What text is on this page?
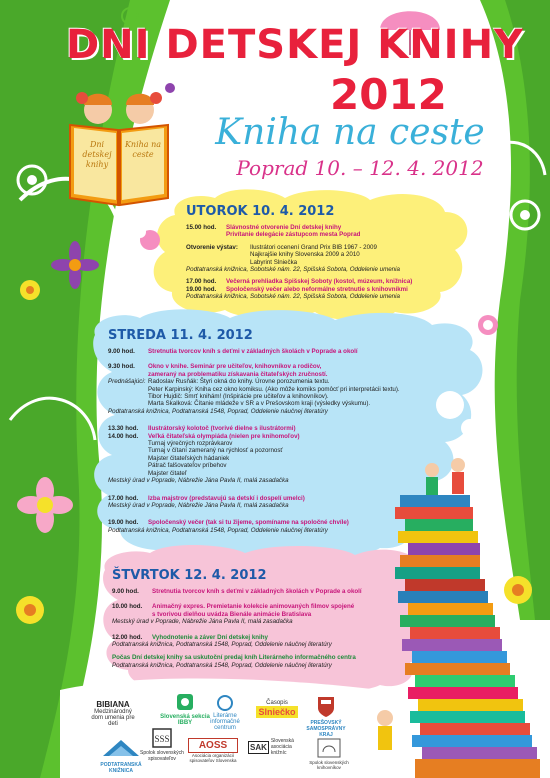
Dni detskej knihy
Kniha na ceste
DNI DETSKEJ KNIHY
2012
Kniha na ceste
Poprad 10. – 12. 4. 2012
UTOROK 10. 4. 2012
15.00 hod.	Slávnostné otvorenie Dní detskej knihy
Privítanie delegácie zástupcom mesta Poprad
Otvorenie výstav:	Ilustrátori ocenení Grand Prix BIB 1967 - 2009
Najkrajšie knihy Slovenska 2009 a 2010
Labyrint Slniečka
Podtatranská knižnica, Sobotské nám. 22, Spišská Sobota, Oddelenie umenia
17.00 hod.	Večerná prehliadka Spišskej Soboty (kostol, múzeum, knižnica)
19.00 hod.	Spoločenský večer alebo neformálne stretnutie s knihovníkmi
Podtatranská knižnica, Sobotské nám. 22, Spišská Sobota, Oddelenie umenia
STREDA 11. 4. 2012
9.00 hod.	Stretnutia tvorcov kníh s deťmi v základných školách v Poprade a okolí
9.30 hod.	Okno v knihe. Seminár pre učiteľov, knihovníkov a rodičov,
zameraný na problematiku získavania čitateľských zručností.
Prednášajúci: Radoslav Rusňák: Štyri okná do knihy. Úrovne porozumenia textu.
Peter Karpinský: Kniha cez okno komiksu. (Ako môže komiks pomôcť pri interpretácii textu).
Tibor Hujdič: Smrť knihám! (Inšpirácie pre učiteľov a knihovníkov).
Marta Skalková: Čítanie mládeže v SR a v Prešovskom kraji (výsledky výskumu).
Podtatranská knižnica, Podtatranská 1548, Poprad, Oddelenie náučnej literatúry
13.30 hod.	Ilustrátorský kolotoč (tvorivé dielne s ilustrátormi)
14.00 hod.	Veľká čitateľská olympiáda (nielen pre knihomoľov)
Turnaj výrečných rozprávkarov
Turnaj v čítaní zameraný na rýchlosť a pozornosť
Majster čitateľských hádaniek
Pátrač falšovateľov príbehov
Majster čitateľ
Mestský úrad v Poprade, Nábrežie Jána Pavla II, malá zasadačka
17.00 hod.	Izba majstrov (predstavujú sa detskí i dospelí umelci)
Mestský úrad v Poprade, Nábrežie Jána Pavla II, malá zasadačka
19.00 hod.	Spoločenský večer (tak si tu žijeme, spomíname na spoločné chvíle)
Podtatranská knižnica, Podtatranská 1548, Poprad, Oddelenie náučnej literatúry
ŠTVRTOK 12. 4. 2012
9.00 hod.	Stretnutia tvorcov kníh s deťmi v základných školách v Poprade a okolí
10.00 hod.	Animačný expres. Premietanie kolekcie animovaných filmov spojené
s tvorivou dielňou uvádza Bienále animácie Bratislava
Mestský úrad v Poprade, Nábrežie Jána Pavla II, malá zasadačka
12.00 hod.	Vyhodnotenie a záver Dní detskej knihy
Podtatranská knižnica, Podtatranská 1548, Poprad, Oddelenie náučnej literatúry
Počas Dní detskej knihy sa uskutoční predaj kníh Literárneho informačného centra
Podtatranská knižnica, Podtatranská 1548, Poprad, Oddelenie náučnej literatúry
BIBIANA
Medzinárodný dom umenia pre deti
Slovenská sekcia IBBY
Literárne informačné centrum
Časopis
Slniečko
PREŠOVSKÝ SAMOSPRÁVNY KRAJ
PODTATRANSKÁ KNIŽNICA
SSS
Spolok slovenských spisovateľov
AOSS
Asociácia organizácií spisovateľov Slovenska
SAK
Slovenská asociácia knižníc
Spolok slovenských knihovníkov
